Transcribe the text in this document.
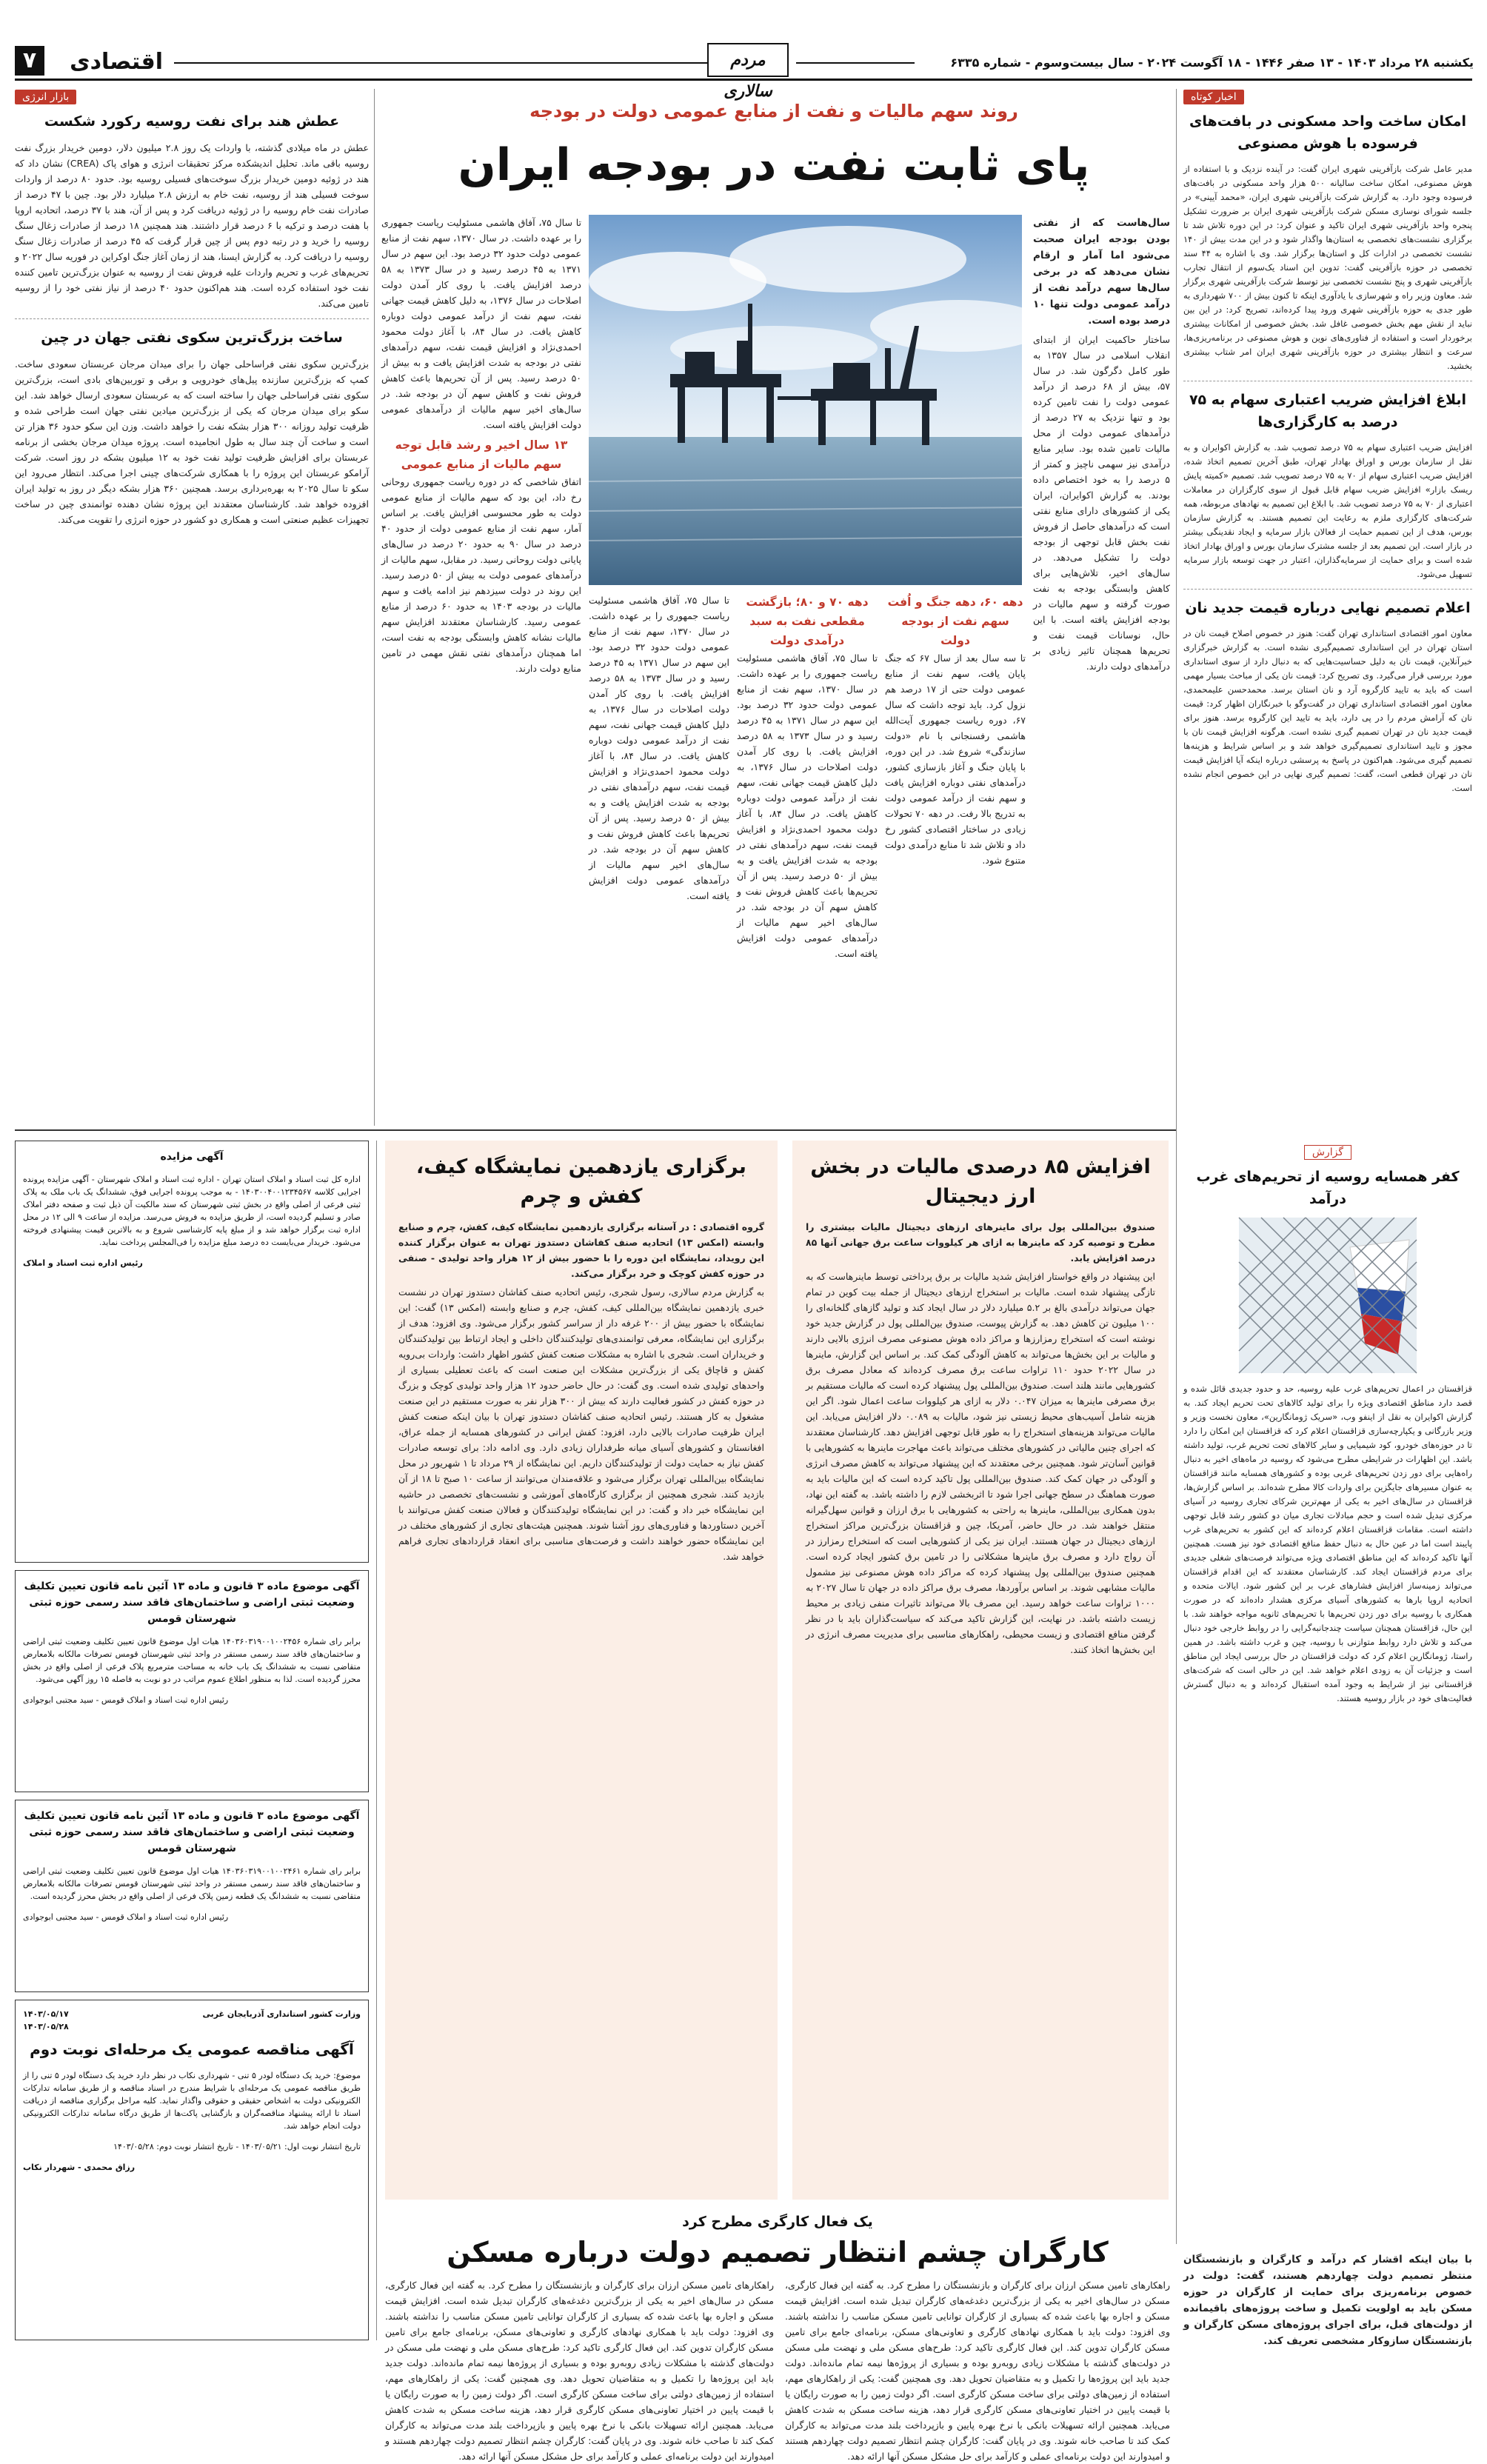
۷	اقتصادی	مردم سالاری
یکشنبه ۲۸ مرداد ۱۴۰۳ - ۱۳ صفر ۱۴۴۶ - ۱۸ آگوست ۲۰۲۴ - سال بیست‌وسوم - شماره ۶۳۳۵
اخبار کوتاه
امکان ساخت واحد مسکونی در بافت‌های فرسوده با هوش مصنوعی

مدیر عامل شرکت بازآفرینی شهری ایران گفت: در آینده نزدیک و با استفاده از هوش مصنوعی، امکان ساخت سالیانه ۵۰۰ هزار واحد مسکونی در بافت‌های فرسوده وجود دارد. به گزارش شرکت بازآفرینی شهری ایران، «محمد آیینی» در جلسه شورای نوسازی مسکن شرکت بازآفرینی شهری ایران بر ضرورت تشکیل پنجره واحد بازآفرینی شهری ایران تاکید و عنوان کرد: در این دوره تلاش شد تا برگزاری نشست‌های تخصصی به استان‌ها واگذار شود و در این مدت بیش از ۱۴۰ نشست تخصصی در ادارات کل و استان‌ها برگزار شد. وی با اشاره به ۴۴ سند تخصصی در حوزه بازآفرینی گفت: تدوین این اسناد یک‌سوم از انتقال تجارب بازآفرینی شهری و پنج نشست تخصصی نیز توسط شرکت بازآفرینی شهری برگزار شد. معاون وزیر راه و شهرسازی با یادآوری اینکه تا کنون بیش از ۷۰۰ شهرداری به طور جدی به حوزه بازآفرینی شهری ورود پیدا کرده‌اند، تصریح کرد: در این بین نباید از نقش مهم بخش خصوصی غافل شد. بخش خصوصی از امکانات بیشتری برخوردار است و استفاده از فناوری‌های نوین و هوش مصنوعی در برنامه‌ریزی‌ها، سرعت و انتظار بیشتری در حوزه بازآفرینی شهری ایران امر شتاب بیشتری بخشید.

ابلاغ افزایش ضریب اعتباری سهام به ۷۵ درصد به کارگزاری‌ها

افزایش ضریب اعتباری سهام به ۷۵ درصد تصویب شد. به گزارش اکوایران و به نقل از سازمان بورس و اوراق بهادار تهران، طبق آخرین تصمیم اتخاذ شده، افزایش ضریب اعتباری سهام از ۷۰ به ۷۵ درصد تصویب شد. تصمیم «کمیته پایش ریسک بازار» افزایش ضریب سهام قابل قبول از سوی کارگزاران در معاملات اعتباری از ۷۰ به ۷۵ درصد تصویب شد. با ابلاغ این تصمیم به نهادهای مربوطه، همه شرکت‌های کارگزاری ملزم به رعایت این تصمیم هستند. به گزارش سازمان بورس، هدف از این تصمیم حمایت از فعالان بازار سرمایه و ایجاد نقدینگی بیشتر در بازار است. این تصمیم بعد از جلسه مشترک سازمان بورس و اوراق بهادار اتخاذ شده است و برای حمایت از سرمایه‌گذاران، اعتبار در جهت توسعه بازار سرمایه تسهیل می‌شود.

اعلام تصمیم نهایی درباره قیمت جدید نان

معاون امور اقتصادی استانداری تهران گفت: هنوز در خصوص اصلاح قیمت نان در استان تهران در این استانداری تصمیم‌گیری نشده است. به گزارش خبرگزاری خبرآنلاین، قیمت نان به دلیل حساسیت‌هایی که به دنبال دارد از سوی استانداری مورد بررسی قرار می‌گیرد. وی تصریح کرد: قیمت نان یکی از مباحث بسیار مهمی است که باید به تایید کارگروه آرد و نان استان برسد. محمدحسن علیمحمدی، معاون امور اقتصادی استانداری تهران در گفت‌وگو با خبرنگاران اظهار کرد: قیمت نان که آرامش مردم را در پی دارد، باید به تایید این کارگروه برسد. هنوز برای قیمت جدید نان در تهران تصمیم گیری نشده است. هرگونه افزایش قیمت نان با مجوز و تایید استانداری تصمیم‌گیری خواهد شد و بر اساس شرایط و هزینه‌ها تصمیم گیری می‌شود. هم‌اکنون در پاسخ به پرسشی درباره اینکه آیا افزایش قیمت نان در تهران قطعی است، گفت: تصمیم گیری نهایی در این خصوص انجام نشده است.

گزارش
کفر همسایه روسیه از تحریم‌های غرب درآمد

قزاقستان در اعمال تحریم‌های غرب علیه روسیه، حد و حدود جدیدی قائل شده و قصد دارد مناطق اقتصادی ویژه را برای تولید کالاهای تحت تحریم ایجاد کند. به گزارش اکوایران به نقل از اینفو وب، «سریک ژومانگارین»، معاون نخست وزیر و وزیر بازرگانی و یکپارچه‌سازی قزاقستان اعلام کرد که قزاقستان این امکان را دارد تا در حوزه‌های خودرو، کود شیمیایی و سایر کالاهای تحت تحریم غرب، تولید داشته باشد. این اظهارات در شرایطی مطرح می‌شود که روسیه در ماه‌های اخیر به دنبال راه‌هایی برای دور زدن تحریم‌های غربی بوده و کشورهای همسایه مانند قزاقستان به عنوان مسیرهای جایگزین برای واردات کالا مطرح شده‌اند. بر اساس گزارش‌ها، قزاقستان در سال‌های اخیر به یکی از مهم‌ترین شرکای تجاری روسیه در آسیای مرکزی تبدیل شده است و حجم مبادلات تجاری میان دو کشور رشد قابل توجهی داشته است. مقامات قزاقستان اعلام کرده‌اند که این کشور به تحریم‌های غرب پایبند است اما در عین حال به دنبال حفظ منافع اقتصادی خود نیز هست. همچنین آنها تاکید کرده‌اند که این مناطق اقتصادی ویژه می‌تواند فرصت‌های شغلی جدیدی برای مردم قزاقستان ایجاد کند. کارشناسان معتقدند که این اقدام قزاقستان می‌تواند زمینه‌ساز افزایش فشارهای غرب بر این کشور شود. ایالات متحده و اتحادیه اروپا بارها به کشورهای آسیای مرکزی هشدار داده‌اند که در صورت همکاری با روسیه برای دور زدن تحریم‌ها با تحریم‌های ثانویه مواجه خواهند شد. با این حال، قزاقستان همچنان سیاست چندجانبه‌گرایی را در روابط خارجی خود دنبال می‌کند و تلاش دارد روابط متوازنی با روسیه، چین و غرب داشته باشد. در همین راستا، ژومانگارین اعلام کرد که دولت قزاقستان در حال بررسی ایجاد این مناطق است و جزئیات آن به زودی اعلام خواهد شد. این در حالی است که شرکت‌های قزاقستانی نیز از شرایط به وجود آمده استقبال کرده‌اند و به دنبال گسترش فعالیت‌های خود در بازار روسیه هستند.

روند سهم مالیات و نفت از منابع عمومی دولت در بودجه
پای ثابت نفت در بودجه ایران

سال‌هاست که از نفتی بودن بودجه ایران صحبت می‌شود اما آمار و ارقام نشان می‌دهد که در برخی سال‌ها سهم درآمد نفت از درآمد عمومی دولت تنها ۱۰ درصد بوده است.

ساختار حاکمیت ایران از ابتدای انقلاب اسلامی در سال ۱۳۵۷ به طور کامل دگرگون شد. در سال ۵۷، بیش از ۶۸ درصد از درآمد عمومی دولت را نفت تامین کرده بود و تنها نزدیک به ۲۷ درصد از درآمدهای عمومی دولت از محل مالیات تامین شده بود. سایر منابع درآمدی نیز سهمی ناچیز و کمتر از ۵ درصد را به خود اختصاص داده بودند. به گزارش اکوایران، ایران یکی از کشورهای دارای منابع نفتی است که درآمدهای حاصل از فروش نفت بخش قابل توجهی از بودجه دولت را تشکیل می‌دهد. در سال‌های اخیر، تلاش‌هایی برای کاهش وابستگی بودجه به نفت صورت گرفته و سهم مالیات در بودجه افزایش یافته است. با این حال، نوسانات قیمت نفت و تحریم‌ها همچنان تاثیر زیادی بر درآمدهای دولت دارند.

دهه ۶۰، دهه جنگ و اُفت سهم نفت از بودجه دولت

تا سه سال بعد از سال ۶۷ که جنگ پایان یافت، سهم نفت از منابع عمومی دولت حتی از ۱۷ درصد هم نزول کرد. باید توجه داشت که سال ۶۷، دوره ریاست جمهوری آیت‌الله هاشمی رفسنجانی با نام «دولت سازندگی» شروع شد. در این دوره، با پایان جنگ و آغاز بازسازی کشور، درآمدهای نفتی دوباره افزایش یافت و سهم نفت از درآمد عمومی دولت به تدریج بالا رفت. در دهه ۷۰ تحولات زیادی در ساختار اقتصادی کشور رخ داد و تلاش شد تا منابع درآمدی دولت متنوع شود.

دهه ۷۰ و ۸۰؛ بازگشت مقطعی نفت به سبد درآمدی دولت

تا سال ۷۵، آفاق هاشمی مسئولیت ریاست جمهوری را بر عهده داشت. در سال ۱۳۷۰، سهم نفت از منابع عمومی دولت حدود ۳۲ درصد بود. این سهم در سال ۱۳۷۱ به ۴۵ درصد رسید و در سال ۱۳۷۳ به ۵۸ درصد افزایش یافت. با روی کار آمدن دولت اصلاحات در سال ۱۳۷۶، به دلیل کاهش قیمت جهانی نفت، سهم نفت از درآمد عمومی دولت دوباره کاهش یافت. در سال ۸۴، با آغاز دولت محمود احمدی‌نژاد و افزایش قیمت نفت، سهم درآمدهای نفتی در بودجه به شدت افزایش یافت و به بیش از ۵۰ درصد رسید. پس از آن تحریم‌ها باعث کاهش فروش نفت و کاهش سهم آن در بودجه شد. در سال‌های اخیر سهم مالیات از درآمدهای عمومی دولت افزایش یافته است.

تا سال ۷۵، آفاق هاشمی مسئولیت ریاست جمهوری را بر عهده داشت. در سال ۱۳۷۰، سهم نفت از منابع عمومی دولت حدود ۳۲ درصد بود. این سهم در سال ۱۳۷۱ به ۴۵ درصد رسید و در سال ۱۳۷۳ به ۵۸ درصد افزایش یافت. با روی کار آمدن دولت اصلاحات در سال ۱۳۷۶، به دلیل کاهش قیمت جهانی نفت، سهم نفت از درآمد عمومی دولت دوباره کاهش یافت. در سال ۸۴، با آغاز دولت محمود احمدی‌نژاد و افزایش قیمت نفت، سهم درآمدهای نفتی در بودجه به شدت افزایش یافت و به بیش از ۵۰ درصد رسید. پس از آن تحریم‌ها باعث کاهش فروش نفت و کاهش سهم آن در بودجه شد. در سال‌های اخیر سهم مالیات از درآمدهای عمومی دولت افزایش یافته است.

تا سال ۷۵، آفاق هاشمی مسئولیت ریاست جمهوری را بر عهده داشت. در سال ۱۳۷۰، سهم نفت از منابع عمومی دولت حدود ۳۲ درصد بود. این سهم در سال ۱۳۷۱ به ۴۵ درصد رسید و در سال ۱۳۷۳ به ۵۸ درصد افزایش یافت. با روی کار آمدن دولت اصلاحات در سال ۱۳۷۶، به دلیل کاهش قیمت جهانی نفت، سهم نفت از درآمد عمومی دولت دوباره کاهش یافت. در سال ۸۴، با آغاز دولت محمود احمدی‌نژاد و افزایش قیمت نفت، سهم درآمدهای نفتی در بودجه به شدت افزایش یافت و به بیش از ۵۰ درصد رسید. پس از آن تحریم‌ها باعث کاهش فروش نفت و کاهش سهم آن در بودجه شد. در سال‌های اخیر سهم مالیات از درآمدهای عمومی دولت افزایش یافته است.

۱۳ سال اخیر و رشد قابل توجه سهم مالیات از منابع عمومی

اتفاق شاخصی که در دوره ریاست جمهوری روحانی رخ داد، این بود که سهم مالیات از منابع عمومی دولت به طور محسوسی افزایش یافت. بر اساس آمار، سهم نفت از منابع عمومی دولت از حدود ۴۰ درصد در سال ۹۰ به حدود ۲۰ درصد در سال‌های پایانی دولت روحانی رسید. در مقابل، سهم مالیات از درآمدهای عمومی دولت به بیش از ۵۰ درصد رسید. این روند در دولت سیزدهم نیز ادامه یافت و سهم مالیات در بودجه ۱۴۰۳ به حدود ۶۰ درصد از منابع عمومی رسید. کارشناسان معتقدند افزایش سهم مالیات نشانه کاهش وابستگی بودجه به نفت است، اما همچنان درآمدهای نفتی نقش مهمی در تامین منابع دولت دارند.

بازار انرژی
عطش هند برای نفت روسیه رکورد شکست

عطش در ماه میلادی گذشته، با واردات یک روز ۲.۸ میلیون دلار، دومین خریدار بزرگ نفت روسیه باقی ماند. تحلیل اندیشکده مرکز تحقیقات انرژی و هوای پاک (CREA) نشان داد که هند در ژوئیه دومین خریدار بزرگ سوخت‌های فسیلی روسیه بود. حدود ۸۰ درصد از واردات سوخت فسیلی هند از روسیه، نفت خام به ارزش ۲.۸ میلیارد دلار بود. چین با ۴۷ درصد از صادرات نفت خام روسیه را در ژوئیه دریافت کرد و پس از آن، هند با ۳۷ درصد، اتحادیه اروپا با هفت درصد و ترکیه با ۶ درصد قرار داشتند. هند همچنین ۱۸ درصد از صادرات زغال سنگ روسیه را خرید و در رتبه دوم پس از چین قرار گرفت که ۴۵ درصد از صادرات زغال سنگ روسیه را دریافت کرد. به گزارش ایسنا، هند از زمان آغاز جنگ اوکراین در فوریه سال ۲۰۲۲ و تحریم‌های غرب و تحریم واردات علیه فروش نفت از روسیه به عنوان بزرگ‌ترین تامین کننده نفت خود استفاده کرده است. هند هم‌اکنون حدود ۴۰ درصد از نیاز نفتی خود را از روسیه تامین می‌کند.

ساخت بزرگ‌ترین سکوی نفتی جهان در چین

بزرگ‌ترین سکوی نفتی فراساحلی جهان را برای میدان مرجان عربستان سعودی ساخت. کمپ که بزرگ‌ترین سازنده پیل‌های خودرویی و برقی و توربین‌های بادی است، بزرگ‌ترین سکوی نفتی فراساحلی جهان را ساخته است که به عربستان سعودی ارسال خواهد شد. این سکو برای میدان مرجان که یکی از بزرگ‌ترین میادین نفتی جهان است طراحی شده و ظرفیت تولید روزانه ۳۰۰ هزار بشکه نفت را خواهد داشت. وزن این سکو حدود ۳۶ هزار تن است و ساخت آن چند سال به طول انجامیده است. پروژه میدان مرجان بخشی از برنامه عربستان برای افزایش ظرفیت تولید نفت خود به ۱۲ میلیون بشکه در روز است. شرکت آرامکو عربستان این پروژه را با همکاری شرکت‌های چینی اجرا می‌کند. انتظار می‌رود این سکو تا سال ۲۰۲۵ به بهره‌برداری برسد. همچنین ۳۶۰ هزار بشکه دیگر در روز به تولید ایران افزوده خواهد شد. کارشناسان معتقدند این پروژه نشان دهنده توانمندی چین در ساخت تجهیزات عظیم صنعتی است و همکاری دو کشور در حوزه انرژی را تقویت می‌کند.

افزایش ۸۵ درصدی مالیات در بخش ارز دیجیتال

صندوق بین‌المللی پول برای ماینرهای ارزهای دیجیتال مالیات بیشتری را مطرح و توصیه کرد که ماینرها به ازای هر کیلووات ساعت برق جهانی آنها ۸۵ درصد افزایش یابد.

این پیشنهاد در واقع خواستار افزایش شدید مالیات بر برق پرداختی توسط ماینرهاست که به تازگی پیشنهاد شده است. مالیات بر استخراج ارزهای دیجیتال از جمله بیت کوین در تمام جهان می‌تواند درآمدی بالغ بر ۵.۲ میلیارد دلار در سال ایجاد کند و تولید گازهای گلخانه‌ای را ۱۰۰ میلیون تن کاهش دهد. به گزارش پیوست، صندوق بین‌المللی پول در گزارش جدید خود نوشته است که استخراج رمزارزها و مراکز داده هوش مصنوعی مصرف انرژی بالایی دارند و مالیات بر این بخش‌ها می‌تواند به کاهش آلودگی کمک کند. بر اساس این گزارش، ماینرها در سال ۲۰۲۲ حدود ۱۱۰ تراوات ساعت برق مصرف کرده‌اند که معادل مصرف برق کشورهایی مانند هلند است. صندوق بین‌المللی پول پیشنهاد کرده است که مالیات مستقیم بر برق مصرفی ماینرها به میزان ۰.۰۴۷ دلار به ازای هر کیلووات ساعت اعمال شود. اگر این هزینه شامل آسیب‌های محیط زیستی نیز شود، مالیات به ۰.۰۸۹ دلار افزایش می‌یابد. این مالیات می‌تواند هزینه‌های استخراج را به طور قابل توجهی افزایش دهد. کارشناسان معتقدند که اجرای چنین مالیاتی در کشورهای مختلف می‌تواند باعث مهاجرت ماینرها به کشورهایی با قوانین آسان‌تر شود. همچنین برخی معتقدند که این پیشنهاد می‌تواند به کاهش مصرف انرژی و آلودگی در جهان کمک کند. صندوق بین‌المللی پول تاکید کرده است که این مالیات باید به صورت هماهنگ در سطح جهانی اجرا شود تا اثربخشی لازم را داشته باشد. به گفته این نهاد، بدون همکاری بین‌المللی، ماینرها به راحتی به کشورهایی با برق ارزان و قوانین سهل‌گیرانه منتقل خواهند شد. در حال حاضر، آمریکا، چین و قزاقستان بزرگ‌ترین مراکز استخراج ارزهای دیجیتال در جهان هستند. ایران نیز یکی از کشورهایی است که استخراج رمزارز در آن رواج دارد و مصرف برق ماینرها مشکلاتی را در تامین برق کشور ایجاد کرده است. همچنین صندوق بین‌المللی پول پیشنهاد کرده که مراکز داده هوش مصنوعی نیز مشمول مالیات مشابهی شوند. بر اساس برآوردها، مصرف برق مراکز داده در جهان تا سال ۲۰۲۷ به ۱۰۰۰ تراوات ساعت خواهد رسید. این مصرف بالا می‌تواند تاثیرات منفی زیادی بر محیط زیست داشته باشد. در نهایت، این گزارش تاکید می‌کند که سیاست‌گذاران باید با در نظر گرفتن منافع اقتصادی و زیست محیطی، راهکارهای مناسبی برای مدیریت مصرف انرژی در این بخش‌ها اتخاذ کنند.

برگزاری یازدهمین نمایشگاه کیف، کفش و چرم

گروه اقتصادی : در آستانه برگزاری یازدهمین نمایشگاه کیف، کفش، چرم و صنایع وابسته (امکس ۱۳) اتحادیه صنف کفاشان دستدوز تهران به عنوان برگزار کننده این رویداد، نمایشگاه این دوره را با حضور بیش از ۱۲ هزار واحد تولیدی - صنفی در حوزه کفش کوچک و خرد برگزار می‌کند.

به گزارش مردم سالاری، رسول شجری، رئیس اتحادیه صنف کفاشان دستدوز تهران در نشست خبری یازدهمین نمایشگاه بین‌المللی کیف، کفش، چرم و صنایع وابسته (امکس ۱۳) گفت: این نمایشگاه با حضور بیش از ۲۰۰ غرفه دار از سراسر کشور برگزار می‌شود. وی افزود: هدف از برگزاری این نمایشگاه، معرفی توانمندی‌های تولیدکنندگان داخلی و ایجاد ارتباط بین تولیدکنندگان و خریداران است. شجری با اشاره به مشکلات صنعت کفش کشور اظهار داشت: واردات بی‌رویه کفش و قاچاق یکی از بزرگ‌ترین مشکلات این صنعت است که باعث تعطیلی بسیاری از واحدهای تولیدی شده است. وی گفت: در حال حاضر حدود ۱۲ هزار واحد تولیدی کوچک و بزرگ در حوزه کفش در کشور فعالیت دارند که بیش از ۳۰۰ هزار نفر به صورت مستقیم در این صنعت مشغول به کار هستند. رئیس اتحادیه صنف کفاشان دستدوز تهران با بیان اینکه صنعت کفش ایران ظرفیت صادرات بالایی دارد، افزود: کفش ایرانی در کشورهای همسایه از جمله عراق، افغانستان و کشورهای آسیای میانه طرفداران زیادی دارد. وی ادامه داد: برای توسعه صادرات کفش نیاز به حمایت دولت از تولیدکنندگان داریم. این نمایشگاه از ۲۹ مرداد تا ۱ شهریور در محل نمایشگاه بین‌المللی تهران برگزار می‌شود و علاقه‌مندان می‌توانند از ساعت ۱۰ صبح تا ۱۸ از آن بازدید کنند. شجری همچنین از برگزاری کارگاه‌های آموزشی و نشست‌های تخصصی در حاشیه این نمایشگاه خبر داد و گفت: در این نمایشگاه تولیدکنندگان و فعالان صنعت کفش می‌توانند با آخرین دستاوردها و فناوری‌های روز آشنا شوند. همچنین هیئت‌های تجاری از کشورهای مختلف در این نمایشگاه حضور خواهند داشت و فرصت‌های مناسبی برای انعقاد قراردادهای تجاری فراهم خواهد شد.

آگهی مزایده

اداره کل ثبت اسناد و املاک استان تهران - اداره ثبت اسناد و املاک شهرستان - آگهی مزایده پرونده اجرایی کلاسه ۱۴۰۳۰۰۴۰۰۱۲۳۴۵۶۷ - به موجب پرونده اجرایی فوق، ششدانگ یک باب ملک به پلاک ثبتی فرعی از اصلی واقع در بخش ثبتی شهرستان که سند مالکیت آن ذیل ثبت و صفحه دفتر املاک صادر و تسلیم گردیده است، از طریق مزایده به فروش می‌رسد. مزایده از ساعت ۹ الی ۱۲ در محل اداره ثبت برگزار خواهد شد و از مبلغ پایه کارشناسی شروع و به بالاترین قیمت پیشنهادی فروخته می‌شود. خریدار می‌بایست ده درصد مبلغ مزایده را فی‌المجلس پرداخت نماید.

رئیس اداره ثبت اسناد و املاک
آگهی موضوع ماده ۳ قانون و ماده ۱۳ آئین نامه قانون تعیین تکلیف وضعیت ثبتی اراضی و ساختمان‌های فاقد سند رسمی حوزه ثبتی شهرستان قومس

برابر رای شماره ۱۴۰۳۶۰۳۱۹۰۰۱۰۰۲۴۵۶ هیات اول موضوع قانون تعیین تکلیف وضعیت ثبتی اراضی و ساختمان‌های فاقد سند رسمی مستقر در واحد ثبتی شهرستان قومس تصرفات مالکانه بلامعارض متقاضی نسبت به ششدانگ یک باب خانه به مساحت مترمربع پلاک فرعی از اصلی واقع در بخش محرز گردیده است. لذا به منظور اطلاع عموم مراتب در دو نوبت به فاصله ۱۵ روز آگهی می‌شود.

رئیس اداره ثبت اسناد و املاک قومس - سید مجتبی ابوجوادی
آگهی موضوع ماده ۳ قانون و ماده ۱۳ آئین نامه قانون تعیین تکلیف وضعیت ثبتی اراضی و ساختمان‌های فاقد سند رسمی حوزه ثبتی شهرستان قومس

برابر رای شماره ۱۴۰۳۶۰۳۱۹۰۰۱۰۰۲۴۶۱ هیات اول موضوع قانون تعیین تکلیف وضعیت ثبتی اراضی و ساختمان‌های فاقد سند رسمی مستقر در واحد ثبتی شهرستان قومس تصرفات مالکانه بلامعارض متقاضی نسبت به ششدانگ یک قطعه زمین پلاک فرعی از اصلی واقع در بخش محرز گردیده است.

رئیس اداره ثبت اسناد و املاک قومس - سید مجتبی ابوجوادی
وزارت کشور استانداری آذربایجان غربی
۱۴۰۳/۰۵/۱۷
۱۴۰۳/۰۵/۲۸
آگهی مناقصه عمومی یک مرحله‌ای نوبت دوم

موضوع: خرید یک دستگاه لودر ۵ تنی - شهرداری نکاب در نظر دارد خرید یک دستگاه لودر ۵ تنی را از طریق مناقصه عمومی یک مرحله‌ای با شرایط مندرج در اسناد مناقصه و از طریق سامانه تدارکات الکترونیکی دولت به اشخاص حقیقی و حقوقی واگذار نماید. کلیه مراحل برگزاری مناقصه از دریافت اسناد تا ارائه پیشنهاد مناقصه‌گران و بازگشایی پاکت‌ها از طریق درگاه سامانه تدارکات الکترونیکی دولت انجام خواهد شد.

تاریخ انتشار نوبت اول: ۱۴۰۳/۰۵/۲۱ - تاریخ انتشار نوبت دوم: ۱۴۰۳/۰۵/۲۸

رزاق محمدی - شهردار نکاب
یک فعال کارگری مطرح کرد
کارگران چشم انتظار تصمیم دولت درباره مسکن	با بیان اینکه اقشار کم درآمد و کارگران و بازنشستگان منتظر تصمیم دولت چهاردهم هستند، گفت: دولت در خصوص برنامه‌ریزی برای حمایت از کارگران در حوزه مسکن باید به اولویت تکمیل و ساخت پروژه‌های باقیمانده از دولت‌های قبل، برای اجرای پروژه‌های مسکن کارگران و بازنشستگان سازوکار مشخصی تعریف کند.

راهکارهای تامین مسکن ارزان برای کارگران و بازنشستگان را مطرح کرد. به گفته این فعال کارگری، مسکن در سال‌های اخیر به یکی از بزرگ‌ترین دغدغه‌های کارگران تبدیل شده است. افزایش قیمت مسکن و اجاره بها باعث شده که بسیاری از کارگران توانایی تامین مسکن مناسب را نداشته باشند. وی افزود: دولت باید با همکاری نهادهای کارگری و تعاونی‌های مسکن، برنامه‌ای جامع برای تامین مسکن کارگران تدوین کند. این فعال کارگری تاکید کرد: طرح‌های مسکن ملی و نهضت ملی مسکن در دولت‌های گذشته با مشکلات زیادی روبه‌رو بوده و بسیاری از پروژه‌ها نیمه تمام مانده‌اند. دولت جدید باید این پروژه‌ها را تکمیل و به متقاضیان تحویل دهد. وی همچنین گفت: یکی از راهکارهای مهم، استفاده از زمین‌های دولتی برای ساخت مسکن کارگری است. اگر دولت زمین را به صورت رایگان یا با قیمت پایین در اختیار تعاونی‌های مسکن کارگری قرار دهد، هزینه ساخت مسکن به شدت کاهش می‌یابد. همچنین ارائه تسهیلات بانکی با نرخ بهره پایین و بازپرداخت بلند مدت می‌تواند به کارگران کمک کند تا صاحب خانه شوند. وی در پایان گفت: کارگران چشم انتظار تصمیم دولت چهاردهم هستند و امیدوارند این دولت برنامه‌ای عملی و کارآمد برای حل مشکل مسکن آنها ارائه دهد.

راهکارهای تامین مسکن ارزان برای کارگران و بازنشستگان را مطرح کرد. به گفته این فعال کارگری، مسکن در سال‌های اخیر به یکی از بزرگ‌ترین دغدغه‌های کارگران تبدیل شده است. افزایش قیمت مسکن و اجاره بها باعث شده که بسیاری از کارگران توانایی تامین مسکن مناسب را نداشته باشند. وی افزود: دولت باید با همکاری نهادهای کارگری و تعاونی‌های مسکن، برنامه‌ای جامع برای تامین مسکن کارگران تدوین کند. این فعال کارگری تاکید کرد: طرح‌های مسکن ملی و نهضت ملی مسکن در دولت‌های گذشته با مشکلات زیادی روبه‌رو بوده و بسیاری از پروژه‌ها نیمه تمام مانده‌اند. دولت جدید باید این پروژه‌ها را تکمیل و به متقاضیان تحویل دهد. وی همچنین گفت: یکی از راهکارهای مهم، استفاده از زمین‌های دولتی برای ساخت مسکن کارگری است. اگر دولت زمین را به صورت رایگان یا با قیمت پایین در اختیار تعاونی‌های مسکن کارگری قرار دهد، هزینه ساخت مسکن به شدت کاهش می‌یابد. همچنین ارائه تسهیلات بانکی با نرخ بهره پایین و بازپرداخت بلند مدت می‌تواند به کارگران کمک کند تا صاحب خانه شوند. وی در پایان گفت: کارگران چشم انتظار تصمیم دولت چهاردهم هستند و امیدوارند این دولت برنامه‌ای عملی و کارآمد برای حل مشکل مسکن آنها ارائه دهد.
